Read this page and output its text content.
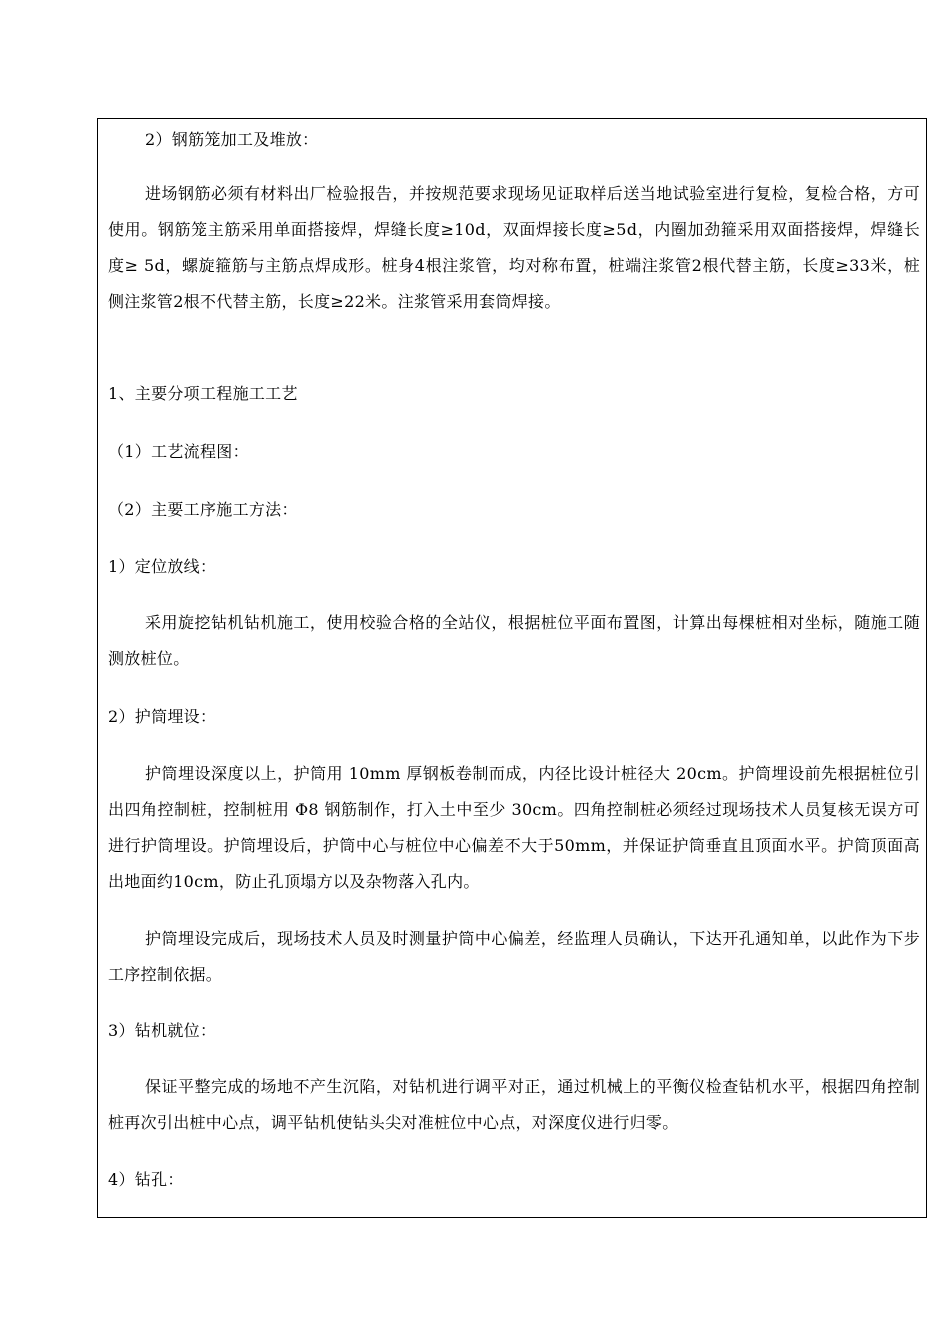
2）钢筋笼加工及堆放：
进场钢筋必须有材料出厂检验报告，并按规范要求现场见证取样后送当地试验室进行复检，复检合格，方可使用。钢筋笼主筋采用单面搭接焊，焊缝长度≥10d，双面焊接长度≥5d，内圈加劲箍采用双面搭接焊，焊缝长度≥ 5d，螺旋箍筋与主筋点焊成形。桩身4根注浆管，均对称布置，桩端注浆管2根代替主筋，长度≥33米，桩侧注浆管2根不代替主筋，长度≥22米。注浆管采用套筒焊接。
1、主要分项工程施工工艺
（1）工艺流程图：
（2）主要工序施工方法：
1）定位放线：
采用旋挖钻机钻机施工，使用校验合格的全站仪，根据桩位平面布置图，计算出每棵桩相对坐标，随施工随测放桩位。
2）护筒埋设：
护筒埋设深度以上，护筒用 10mm 厚钢板卷制而成，内径比设计桩径大 20cm。护筒埋设前先根据桩位引出四角控制桩，控制桩用 Φ8 钢筋制作，打入土中至少 30cm。四角控制桩必须经过现场技术人员复核无误方可进行护筒埋设。护筒埋设后，护筒中心与桩位中心偏差不大于50mm，并保证护筒垂直且顶面水平。护筒顶面高出地面约10cm，防止孔顶塌方以及杂物落入孔内。
护筒埋设完成后，现场技术人员及时测量护筒中心偏差，经监理人员确认，下达开孔通知单，以此作为下步工序控制依据。
3）钻机就位：
保证平整完成的场地不产生沉陷，对钻机进行调平对正，通过机械上的平衡仪检查钻机水平，根据四角控制桩再次引出桩中心点，调平钻机使钻头尖对准桩位中心点，对深度仪进行归零。
4）钻孔：
